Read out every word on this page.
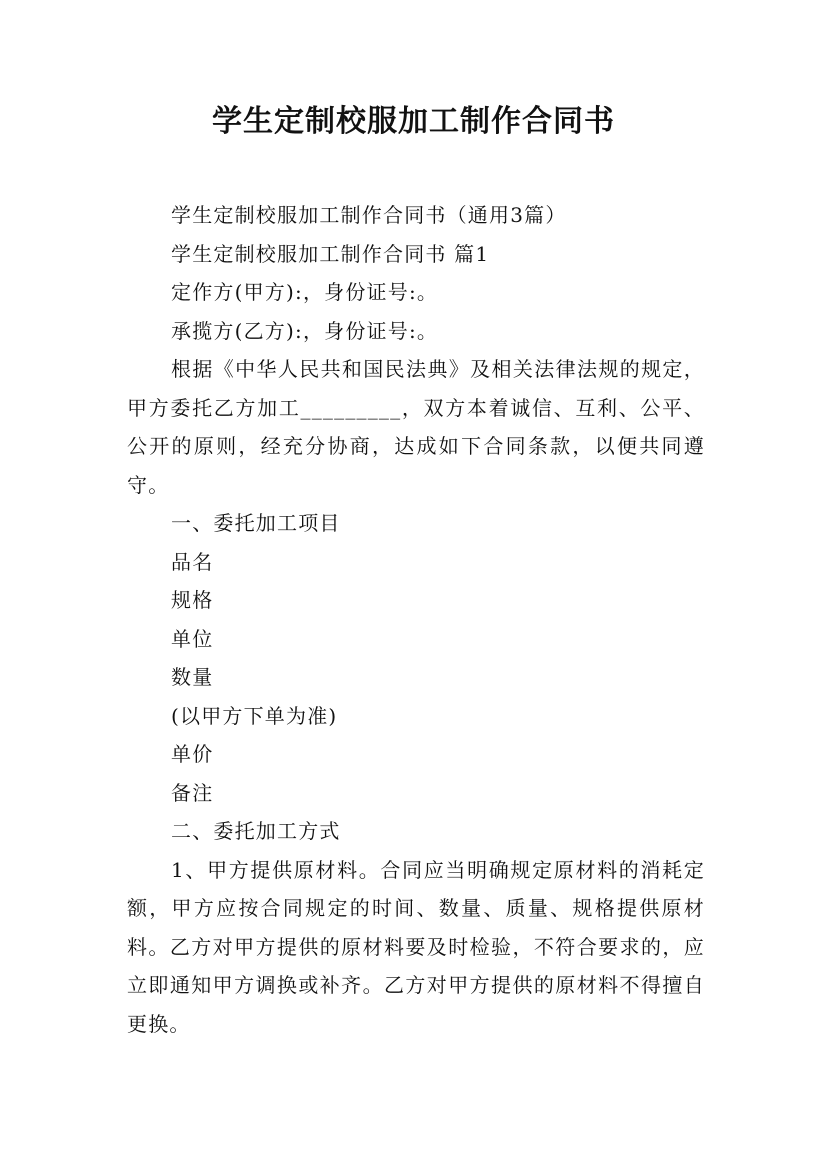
学生定制校服加工制作合同书

学生定制校服加工制作合同书（通用3篇）

学生定制校服加工制作合同书 篇1

定作方(甲方):，身份证号:。

承揽方(乙方):，身份证号:。

根据《中华人民共和国民法典》及相关法律法规的规定，甲方委托乙方加工_________，双方本着诚信、互利、公平、公开的原则，经充分协商，达成如下合同条款，以便共同遵守。

一、委托加工项目

品名

规格

单位

数量

(以甲方下单为准)

单价

备注

二、委托加工方式

1、甲方提供原材料。合同应当明确规定原材料的消耗定额，甲方应按合同规定的时间、数量、质量、规格提供原材料。乙方对甲方提供的原材料要及时检验，不符合要求的，应立即通知甲方调换或补齐。乙方对甲方提供的原材料不得擅自更换。
